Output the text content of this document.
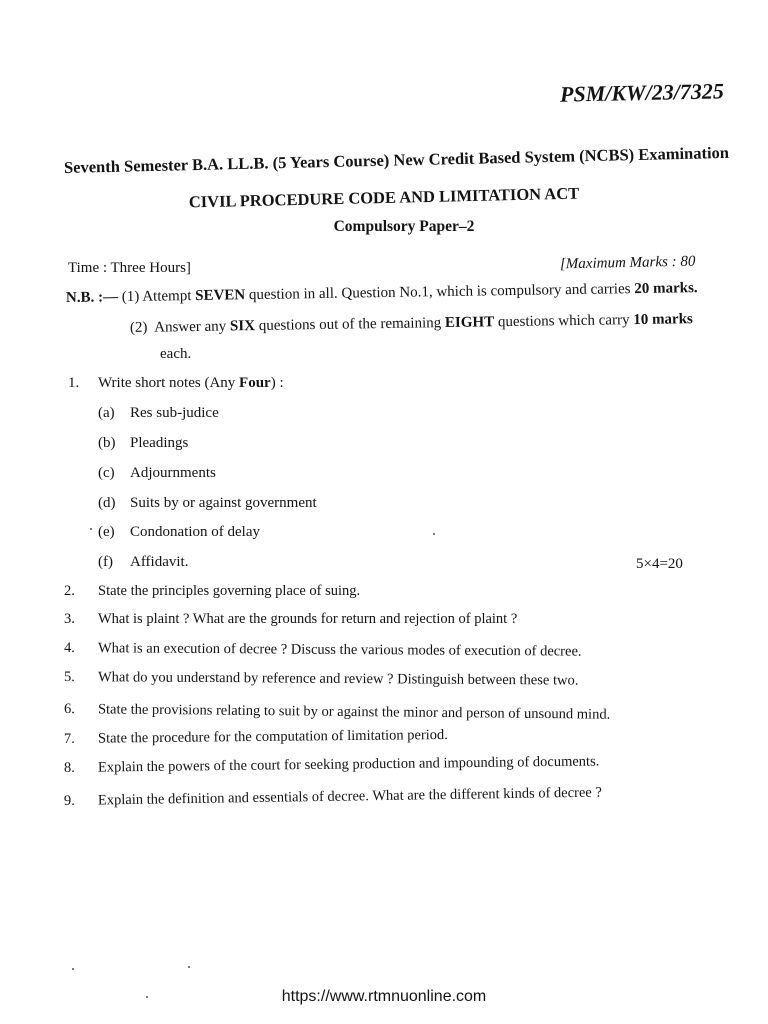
PSM/KW/23/7325
Seventh Semester B.A. LL.B. (5 Years Course) New Credit Based System (NCBS) Examination
CIVIL PROCEDURE CODE AND LIMITATION ACT
Compulsory Paper–2
Time : Three Hours]	[Maximum Marks : 80
N.B. :— (1) Attempt SEVEN question in all. Question No.1, which is compulsory and carries 20 marks.
(2) Answer any SIX questions out of the remaining EIGHT questions which carry 10 marks
each.
1. Write short notes (Any Four) :
(a) Res sub-judice
(b) Pleadings
(c) Adjournments
(d) Suits by or against government
(e) Condonation of delay
(f) Affidavit.	5×4=20
2. State the principles governing place of suing.
3. What is plaint ? What are the grounds for return and rejection of plaint ?
4. What is an execution of decree ? Discuss the various modes of execution of decree.
5. What do you understand by reference and review ? Distinguish between these two.
6. State the provisions relating to suit by or against the minor and person of unsound mind.
7. State the procedure for the computation of limitation period.
8. Explain the powers of the court for seeking production and impounding of documents.
9. Explain the definition and essentials of decree. What are the different kinds of decree ?
https://www.rtmnuonline.com
